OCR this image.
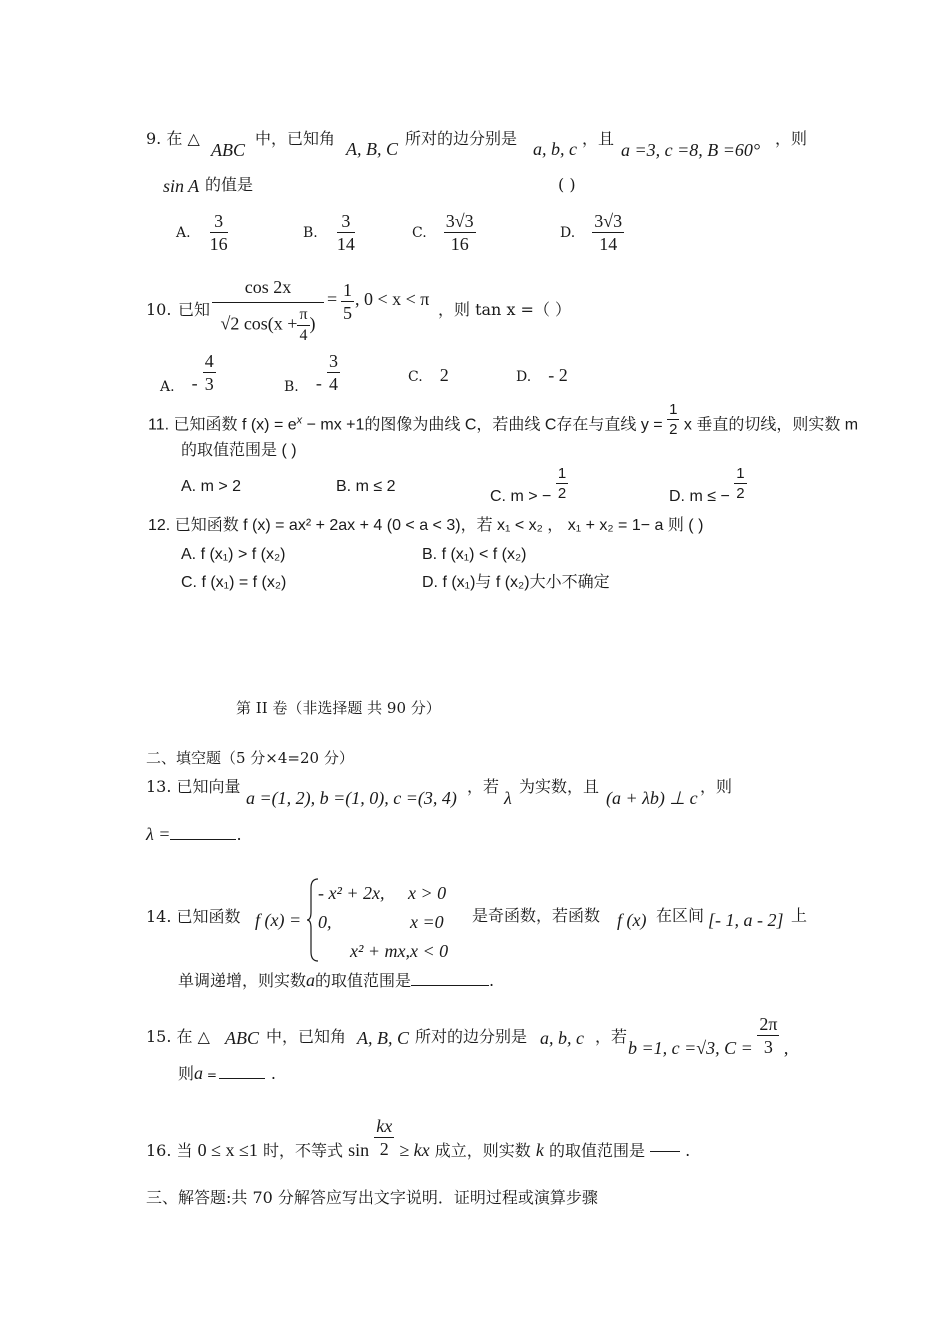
9. 在 △
ABC
中，已知角
A, B, C
所对的边分别是
a, b, c
，且
a =3, c =8, B =60°
，则
sin A 的值是	( )
A. $\frac{3}{16}$	B. $\frac{3}{14}$	C. $\frac{3√3}{16}$	D. $\frac{3√3}{14}$
10. 已知 $\frac{\cos 2x}{√2 \cos(x + \frac{\pi}{4} )} = \frac{1}{5}$ , 0 < x < π
，则 tan x =（ ）
A. - $\frac{4}{3}$	B. - $\frac{3}{4}$	C. 2	D. - 2
11. 已知函数 f $(x) = e^x$ − mx +1的图像为曲线 C，若曲线 C存在与直线 $y = \frac{1}{2}$ x 垂直的切线，则实数 m
的取值范围是 ( )
A. m > 2	B. m ≤ 2
C. m > − $\frac{1}{2}$	D. m ≤ − $\frac{1}{2}$
12. 已知函数 f (x) = ax² + 2ax + 4 (0 < a < 3)，若 x₁ < x₂ ， x₁ + x₂ = 1− a 则 ( )
A. f (x₁) > f (x₂)	B. f (x₁) < f (x₂)
C. f (x₁) = f (x₂)	D. f (x₁)与 f (x₂)大小不确定
第 II 卷（非选择题 共 90 分）
二、填空题（5 分×4=20 分）
13. 已知向量
a =(1, 2), b =(1, 0), c =(3, 4)
，若
λ
为实数，且
(a + λb) ⊥ c
，则
λ =	.
14. 已知函数 f (x) =
- x² + 2x, x > 0
0,	x =0
x² + mx, x < 0
是奇函数，若函数 f (x) 在区间 [- 1, a - 2] 上
单调递增，则实数a的取值范围是	.
15. 在 △ ABC 中，已知角 A, B, C 所对的边分别是 a, b, c ，若
b =1, c =√3, $C = \frac{2\pi}{3}$ ,
则a =	.
16. 当 0 ≤ x ≤1 时，不等式 $\sin \frac{kx}{2}$ ≥ kx 成立，则实数 k 的取值范围是	.
三、解答题:共 70 分解答应写出文字说明．证明过程或演算步骤
